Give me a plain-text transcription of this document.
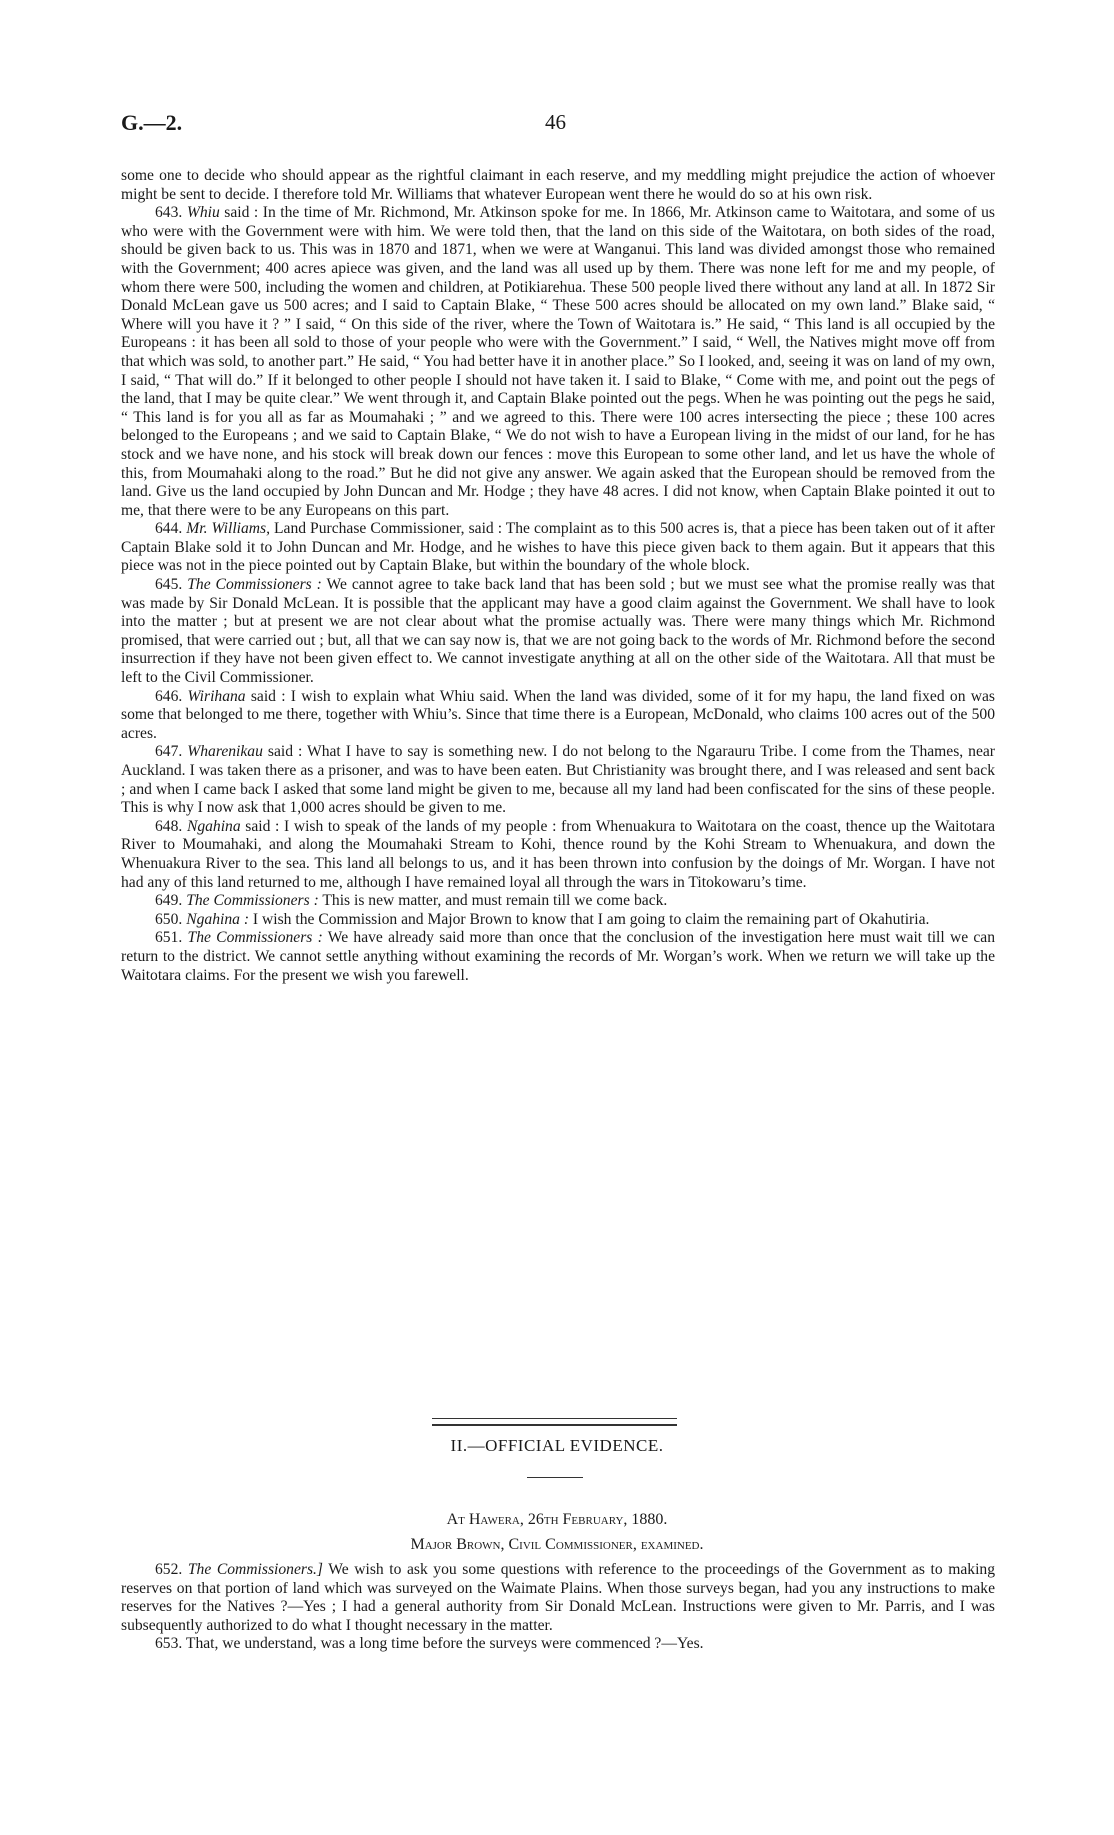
G.—2.	46

some one to decide who should appear as the rightful claimant in each reserve, and my meddling might prejudice the action of whoever might be sent to decide. I therefore told Mr. Williams that whatever European went there he would do so at his own risk.

643. Whiu said : In the time of Mr. Richmond, Mr. Atkinson spoke for me. In 1866, Mr. Atkinson came to Waitotara, and some of us who were with the Government were with him. We were told then, that the land on this side of the Waitotara, on both sides of the road, should be given back to us. This was in 1870 and 1871, when we were at Wanganui. This land was divided amongst those who remained with the Government; 400 acres apiece was given, and the land was all used up by them. There was none left for me and my people, of whom there were 500, including the women and children, at Potikiarehua. These 500 people lived there without any land at all. In 1872 Sir Donald McLean gave us 500 acres; and I said to Captain Blake, “ These 500 acres should be allocated on my own land.” Blake said, “ Where will you have it ? ” I said, “ On this side of the river, where the Town of Waitotara is.” He said, “ This land is all occupied by the Europeans : it has been all sold to those of your people who were with the Government.” I said, “ Well, the Natives might move off from that which was sold, to another part.” He said, “ You had better have it in another place.” So I looked, and, seeing it was on land of my own, I said, “ That will do.” If it belonged to other people I should not have taken it. I said to Blake, “ Come with me, and point out the pegs of the land, that I may be quite clear.” We went through it, and Captain Blake pointed out the pegs. When he was pointing out the pegs he said, “ This land is for you all as far as Moumahaki ; ” and we agreed to this. There were 100 acres intersecting the piece ; these 100 acres belonged to the Europeans ; and we said to Captain Blake, “ We do not wish to have a European living in the midst of our land, for he has stock and we have none, and his stock will break down our fences : move this European to some other land, and let us have the whole of this, from Moumahaki along to the road.” But he did not give any answer. We again asked that the European should be removed from the land. Give us the land occupied by John Duncan and Mr. Hodge ; they have 48 acres. I did not know, when Captain Blake pointed it out to me, that there were to be any Europeans on this part.

644. Mr. Williams, Land Purchase Commissioner, said : The complaint as to this 500 acres is, that a piece has been taken out of it after Captain Blake sold it to John Duncan and Mr. Hodge, and he wishes to have this piece given back to them again. But it appears that this piece was not in the piece pointed out by Captain Blake, but within the boundary of the whole block.

645. The Commissioners : We cannot agree to take back land that has been sold ; but we must see what the promise really was that was made by Sir Donald McLean. It is possible that the applicant may have a good claim against the Government. We shall have to look into the matter ; but at present we are not clear about what the promise actually was. There were many things which Mr. Richmond promised, that were carried out ; but, all that we can say now is, that we are not going back to the words of Mr. Richmond before the second insurrection if they have not been given effect to. We cannot investigate anything at all on the other side of the Waitotara. All that must be left to the Civil Commissioner.

646. Wirihana said : I wish to explain what Whiu said. When the land was divided, some of it for my hapu, the land fixed on was some that belonged to me there, together with Whiu’s. Since that time there is a European, McDonald, who claims 100 acres out of the 500 acres.

647. Wharenikau said : What I have to say is something new. I do not belong to the Ngarauru Tribe. I come from the Thames, near Auckland. I was taken there as a prisoner, and was to have been eaten. But Christianity was brought there, and I was released and sent back ; and when I came back I asked that some land might be given to me, because all my land had been confiscated for the sins of these people. This is why I now ask that 1,000 acres should be given to me.

648. Ngahina said : I wish to speak of the lands of my people : from Whenuakura to Waitotara on the coast, thence up the Waitotara River to Moumahaki, and along the Moumahaki Stream to Kohi, thence round by the Kohi Stream to Whenuakura, and down the Whenuakura River to the sea. This land all belongs to us, and it has been thrown into confusion by the doings of Mr. Worgan. I have not had any of this land returned to me, although I have remained loyal all through the wars in Titokowaru’s time.

649. The Commissioners : This is new matter, and must remain till we come back.

650. Ngahina : I wish the Commission and Major Brown to know that I am going to claim the remaining part of Okahutiria.

651. The Commissioners : We have already said more than once that the conclusion of the investigation here must wait till we can return to the district. We cannot settle anything without examining the records of Mr. Worgan’s work. When we return we will take up the Waitotara claims. For the present we wish you farewell.

II.—OFFICIAL EVIDENCE.
At Hawera, 26th February, 1880.
Major Brown, Civil Commissioner, examined.

652. The Commissioners.] We wish to ask you some questions with reference to the proceedings of the Government as to making reserves on that portion of land which was surveyed on the Waimate Plains. When those surveys began, had you any instructions to make reserves for the Natives ?—Yes ; I had a general authority from Sir Donald McLean. Instructions were given to Mr. Parris, and I was subsequently authorized to do what I thought necessary in the matter.

653. That, we understand, was a long time before the surveys were commenced ?—Yes.
